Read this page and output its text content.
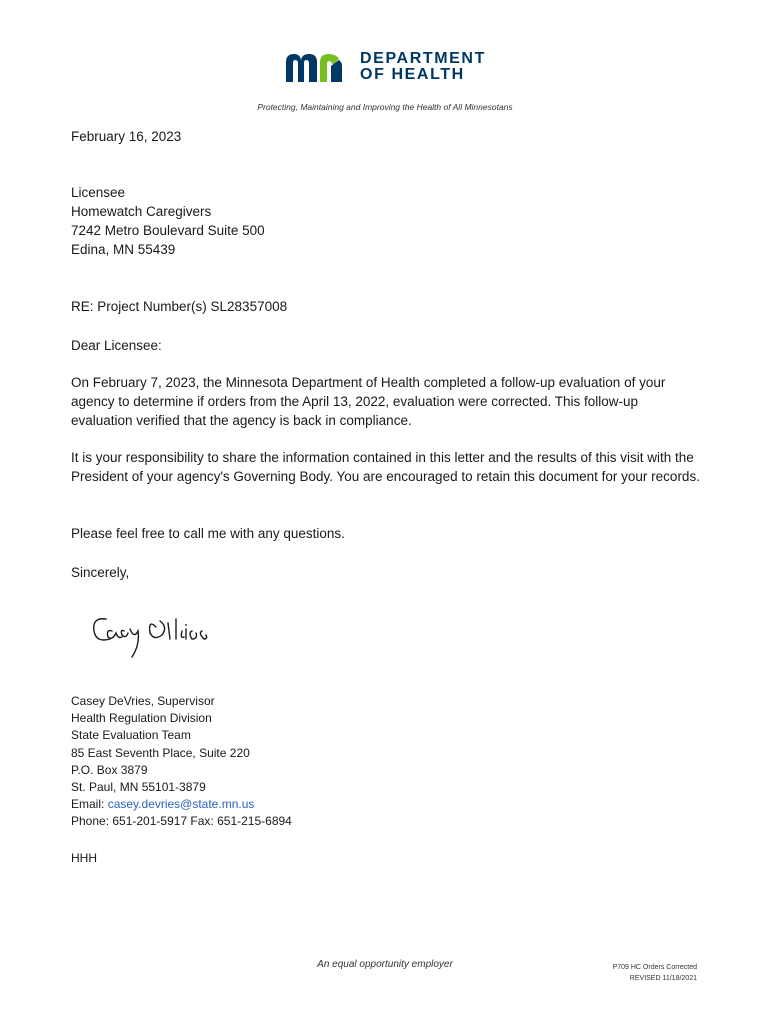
DEPARTMENT
OF HEALTH
Protecting, Maintaining and Improving the Health of All Minnesotans
February 16, 2023
Licensee
Homewatch Caregivers
7242 Metro Boulevard Suite 500
Edina, MN 55439
RE: Project Number(s) SL28357008
Dear Licensee:
On February 7, 2023, the Minnesota Department of Health completed a follow-up evaluation of your agency to determine if orders from the April 13, 2022, evaluation were corrected. This follow-up evaluation verified that the agency is back in compliance.
It is your responsibility to share the information contained in this letter and the results of this visit with the President of your agency's Governing Body. You are encouraged to retain this document for your records.
Please feel free to call me with any questions.
Sincerely,
Casey DeVries, Supervisor
Health Regulation Division
State Evaluation Team
85 East Seventh Place, Suite 220
P.O. Box 3879
St. Paul, MN 55101-3879
Email: casey.devries@state.mn.us
Phone: 651-201-5917 Fax: 651-215-6894
HHH
An equal opportunity employer	P709 HC Orders Corrected
REVISED 11/18/2021
